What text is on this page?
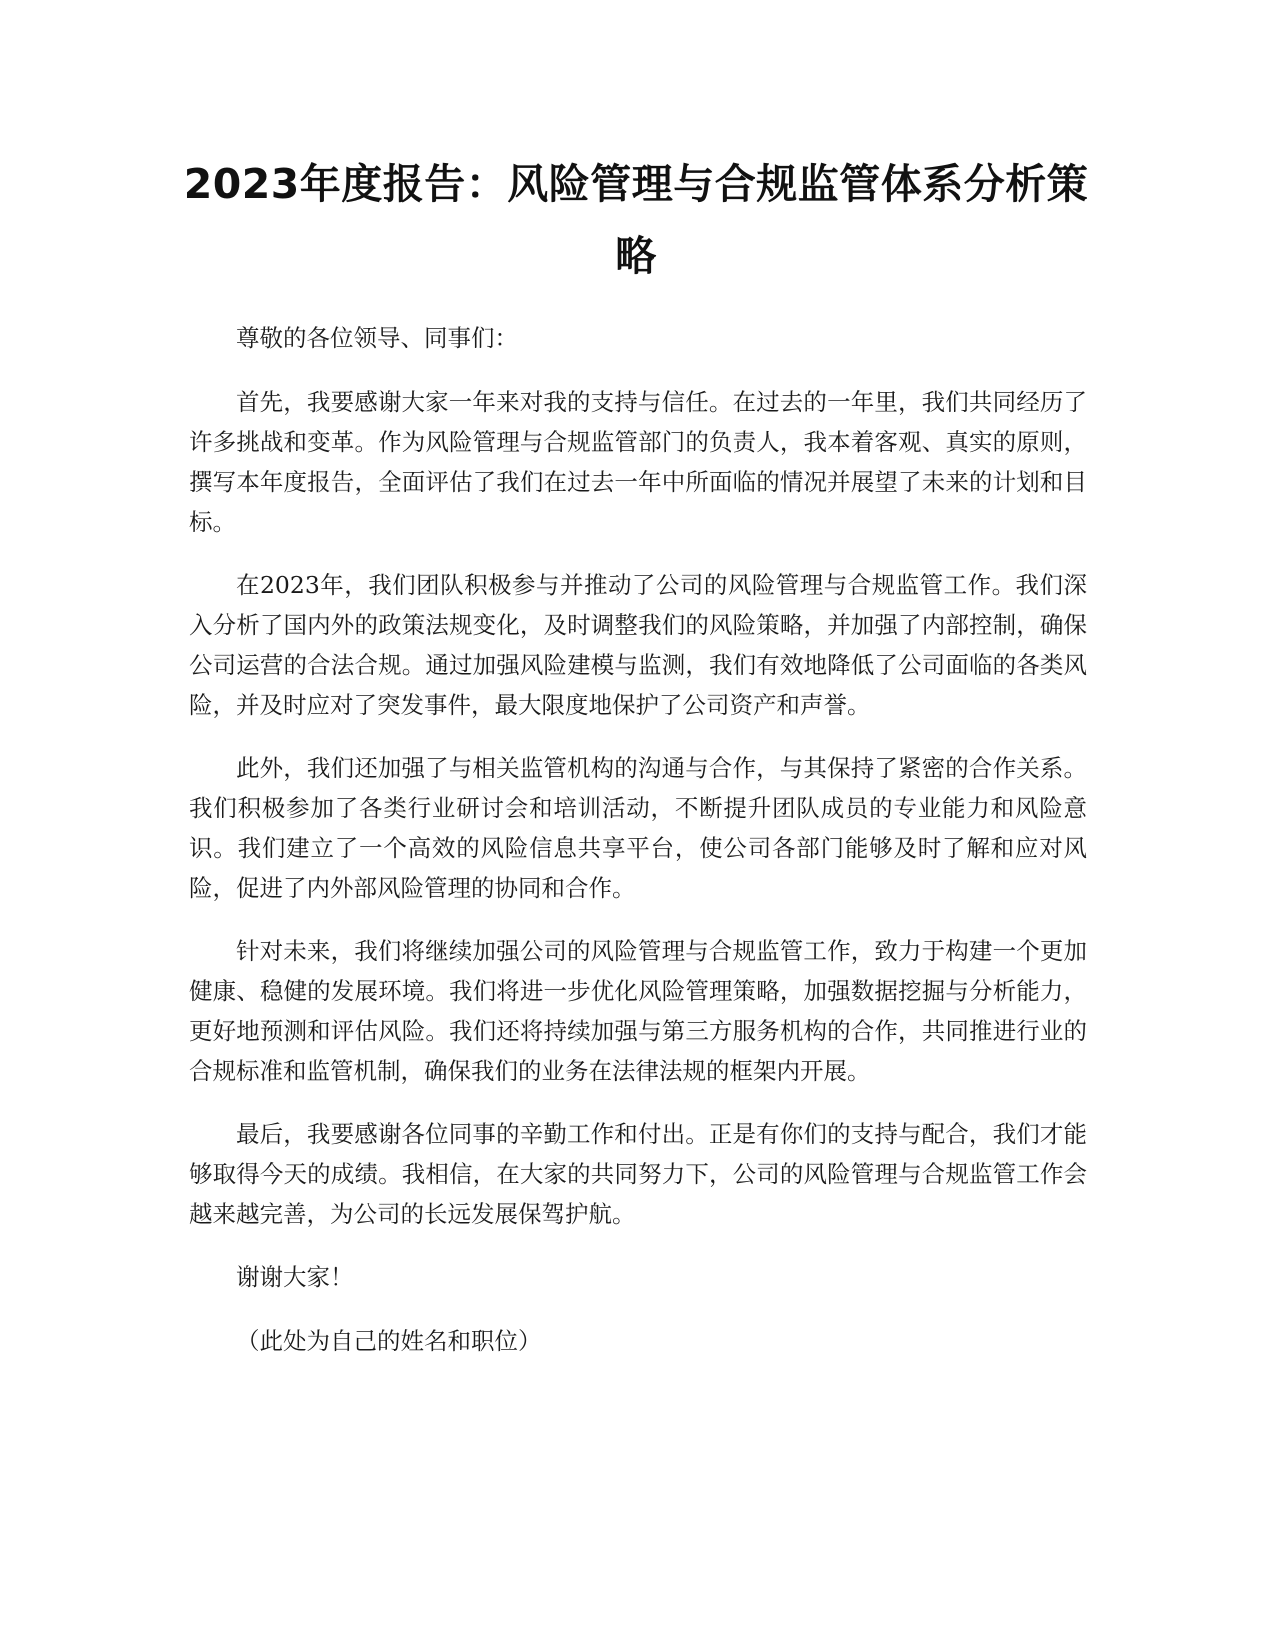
2023年度报告：风险管理与合规监管体系分析策略

尊敬的各位领导、同事们：

首先，我要感谢大家一年来对我的支持与信任。在过去的一年里，我们共同经历了许多挑战和变革。作为风险管理与合规监管部门的负责人，我本着客观、真实的原则，撰写本年度报告，全面评估了我们在过去一年中所面临的情况并展望了未来的计划和目标。

在2023年，我们团队积极参与并推动了公司的风险管理与合规监管工作。我们深入分析了国内外的政策法规变化，及时调整我们的风险策略，并加强了内部控制，确保公司运营的合法合规。通过加强风险建模与监测，我们有效地降低了公司面临的各类风险，并及时应对了突发事件，最大限度地保护了公司资产和声誉。

此外，我们还加强了与相关监管机构的沟通与合作，与其保持了紧密的合作关系。我们积极参加了各类行业研讨会和培训活动，不断提升团队成员的专业能力和风险意识。我们建立了一个高效的风险信息共享平台，使公司各部门能够及时了解和应对风险，促进了内外部风险管理的协同和合作。

针对未来，我们将继续加强公司的风险管理与合规监管工作，致力于构建一个更加健康、稳健的发展环境。我们将进一步优化风险管理策略，加强数据挖掘与分析能力，更好地预测和评估风险。我们还将持续加强与第三方服务机构的合作，共同推进行业的合规标准和监管机制，确保我们的业务在法律法规的框架内开展。

最后，我要感谢各位同事的辛勤工作和付出。正是有你们的支持与配合，我们才能够取得今天的成绩。我相信，在大家的共同努力下，公司的风险管理与合规监管工作会越来越完善，为公司的长远发展保驾护航。

谢谢大家！

（此处为自己的姓名和职位）
